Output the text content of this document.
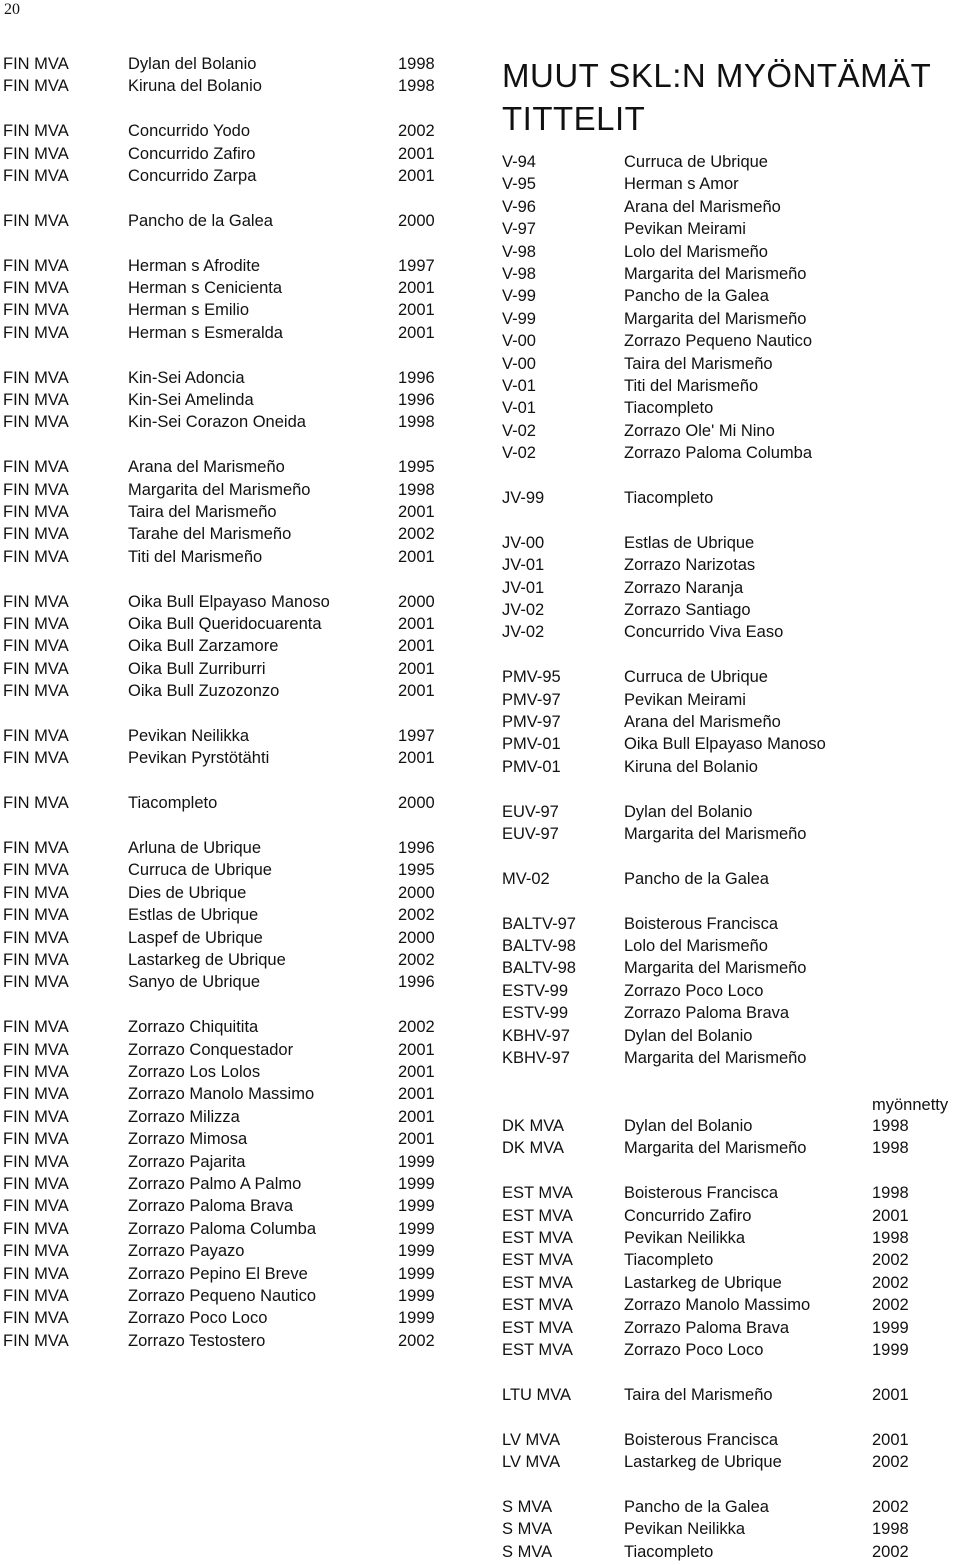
20
FIN MVA	Dylan del Bolanio	1998
FIN MVA	Kiruna del Bolanio	1998
FIN MVA	Concurrido Yodo	2002
FIN MVA	Concurrido Zafiro	2001
FIN MVA	Concurrido Zarpa	2001
FIN MVA	Pancho de la Galea	2000
FIN MVA	Herman s Afrodite	1997
FIN MVA	Herman s Cenicienta	2001
FIN MVA	Herman s Emilio	2001
FIN MVA	Herman s Esmeralda	2001
FIN MVA	Kin-Sei Adoncia	1996
FIN MVA	Kin-Sei Amelinda	1996
FIN MVA	Kin-Sei Corazon Oneida	1998
FIN MVA	Arana del Marismeño	1995
FIN MVA	Margarita del Marismeño	1998
FIN MVA	Taira del Marismeño	2001
FIN MVA	Tarahe del Marismeño	2002
FIN MVA	Titi del Marismeño	2001
FIN MVA	Oika Bull Elpayaso Manoso	2000
FIN MVA	Oika Bull Queridocuarenta	2001
FIN MVA	Oika Bull Zarzamore	2001
FIN MVA	Oika Bull Zurriburri	2001
FIN MVA	Oika Bull Zuzozonzo	2001
FIN MVA	Pevikan Neilikka	1997
FIN MVA	Pevikan Pyrstötähti	2001
FIN MVA	Tiacompleto	2000
FIN MVA	Arluna de Ubrique	1996
FIN MVA	Curruca de Ubrique	1995
FIN MVA	Dies de Ubrique	2000
FIN MVA	Estlas de Ubrique	2002
FIN MVA	Laspef de Ubrique	2000
FIN MVA	Lastarkeg de Ubrique	2002
FIN MVA	Sanyo de Ubrique	1996
FIN MVA	Zorrazo Chiquitita	2002
FIN MVA	Zorrazo Conquestador	2001
FIN MVA	Zorrazo Los Lolos	2001
FIN MVA	Zorrazo Manolo Massimo	2001
FIN MVA	Zorrazo Milizza	2001
FIN MVA	Zorrazo Mimosa	2001
FIN MVA	Zorrazo Pajarita	1999
FIN MVA	Zorrazo Palmo A Palmo	1999
FIN MVA	Zorrazo Paloma Brava	1999
FIN MVA	Zorrazo Paloma Columba	1999
FIN MVA	Zorrazo Payazo	1999
FIN MVA	Zorrazo Pepino El Breve	1999
FIN MVA	Zorrazo Pequeno Nautico	1999
FIN MVA	Zorrazo Poco Loco	1999
FIN MVA	Zorrazo Testostero	2002
MUUT SKL:N MYÖNTÄMÄT
TITTELIT
myönnetty
V-94	Curruca de Ubrique
V-95	Herman s Amor
V-96	Arana del Marismeño
V-97	Pevikan Meirami
V-98	Lolo del Marismeño
V-98	Margarita del Marismeño
V-99	Pancho de la Galea
V-99	Margarita del Marismeño
V-00	Zorrazo Pequeno Nautico
V-00	Taira del Marismeño
V-01	Titi del Marismeño
V-01	Tiacompleto
V-02	Zorrazo Ole' Mi Nino
V-02	Zorrazo Paloma Columba
JV-99	Tiacompleto
JV-00	Estlas de Ubrique
JV-01	Zorrazo Narizotas
JV-01	Zorrazo Naranja
JV-02	Zorrazo Santiago
JV-02	Concurrido Viva Easo
PMV-95	Curruca de Ubrique
PMV-97	Pevikan Meirami
PMV-97	Arana del Marismeño
PMV-01	Oika Bull Elpayaso Manoso
PMV-01	Kiruna del Bolanio
EUV-97	Dylan del Bolanio
EUV-97	Margarita del Marismeño
MV-02	Pancho de la Galea
BALTV-97	Boisterous Francisca
BALTV-98	Lolo del Marismeño
BALTV-98	Margarita del Marismeño
ESTV-99	Zorrazo Poco Loco
ESTV-99	Zorrazo Paloma Brava
KBHV-97	Dylan del Bolanio
KBHV-97	Margarita del Marismeño
DK MVA	Dylan del Bolanio	1998
DK MVA	Margarita del Marismeño	1998
EST MVA	Boisterous Francisca	1998
EST MVA	Concurrido Zafiro	2001
EST MVA	Pevikan Neilikka	1998
EST MVA	Tiacompleto	2002
EST MVA	Lastarkeg de Ubrique	2002
EST MVA	Zorrazo Manolo Massimo	2002
EST MVA	Zorrazo Paloma Brava	1999
EST MVA	Zorrazo Poco Loco	1999
LTU MVA	Taira del Marismeño	2001
LV MVA	Boisterous Francisca	2001
LV MVA	Lastarkeg de Ubrique	2002
S MVA	Pancho de la Galea	2002
S MVA	Pevikan Neilikka	1998
S MVA	Tiacompleto	2002
